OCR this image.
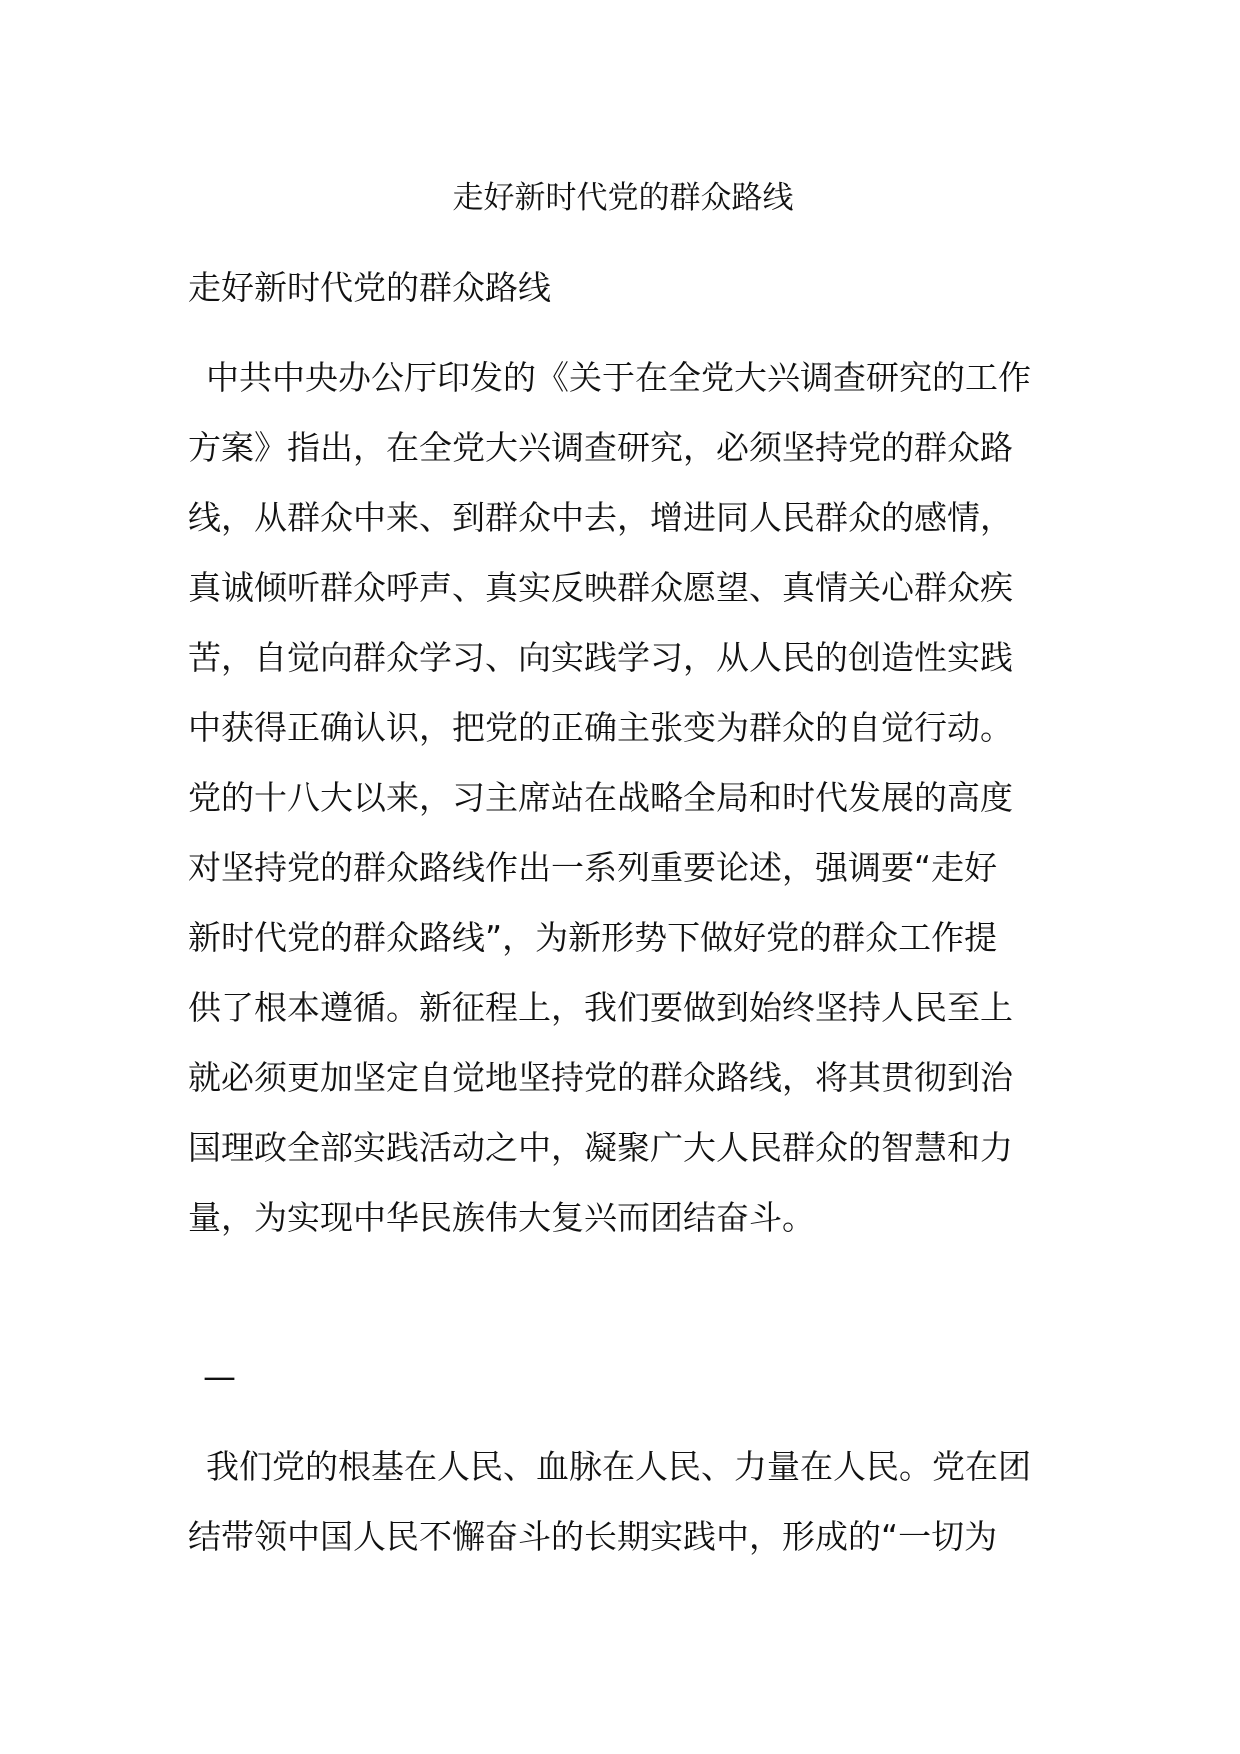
走好新时代党的群众路线
走好新时代党的群众路线
中共中央办公厅印发的《关于在全党大兴调查研究的工作
方案》指出，在全党大兴调查研究，必须坚持党的群众路
线，从群众中来、到群众中去，增进同人民群众的感情，
真诚倾听群众呼声、真实反映群众愿望、真情关心群众疾
苦，自觉向群众学习、向实践学习，从人民的创造性实践
中获得正确认识，把党的正确主张变为群众的自觉行动。
党的十八大以来，习主席站在战略全局和时代发展的高度
对坚持党的群众路线作出一系列重要论述，强调要“走好
新时代党的群众路线”，为新形势下做好党的群众工作提
供了根本遵循。新征程上，我们要做到始终坚持人民至上
就必须更加坚定自觉地坚持党的群众路线，将其贯彻到治
国理政全部实践活动之中，凝聚广大人民群众的智慧和力
量，为实现中华民族伟大复兴而团结奋斗。
—
我们党的根基在人民、血脉在人民、力量在人民。党在团
结带领中国人民不懈奋斗的长期实践中，形成的“一切为
